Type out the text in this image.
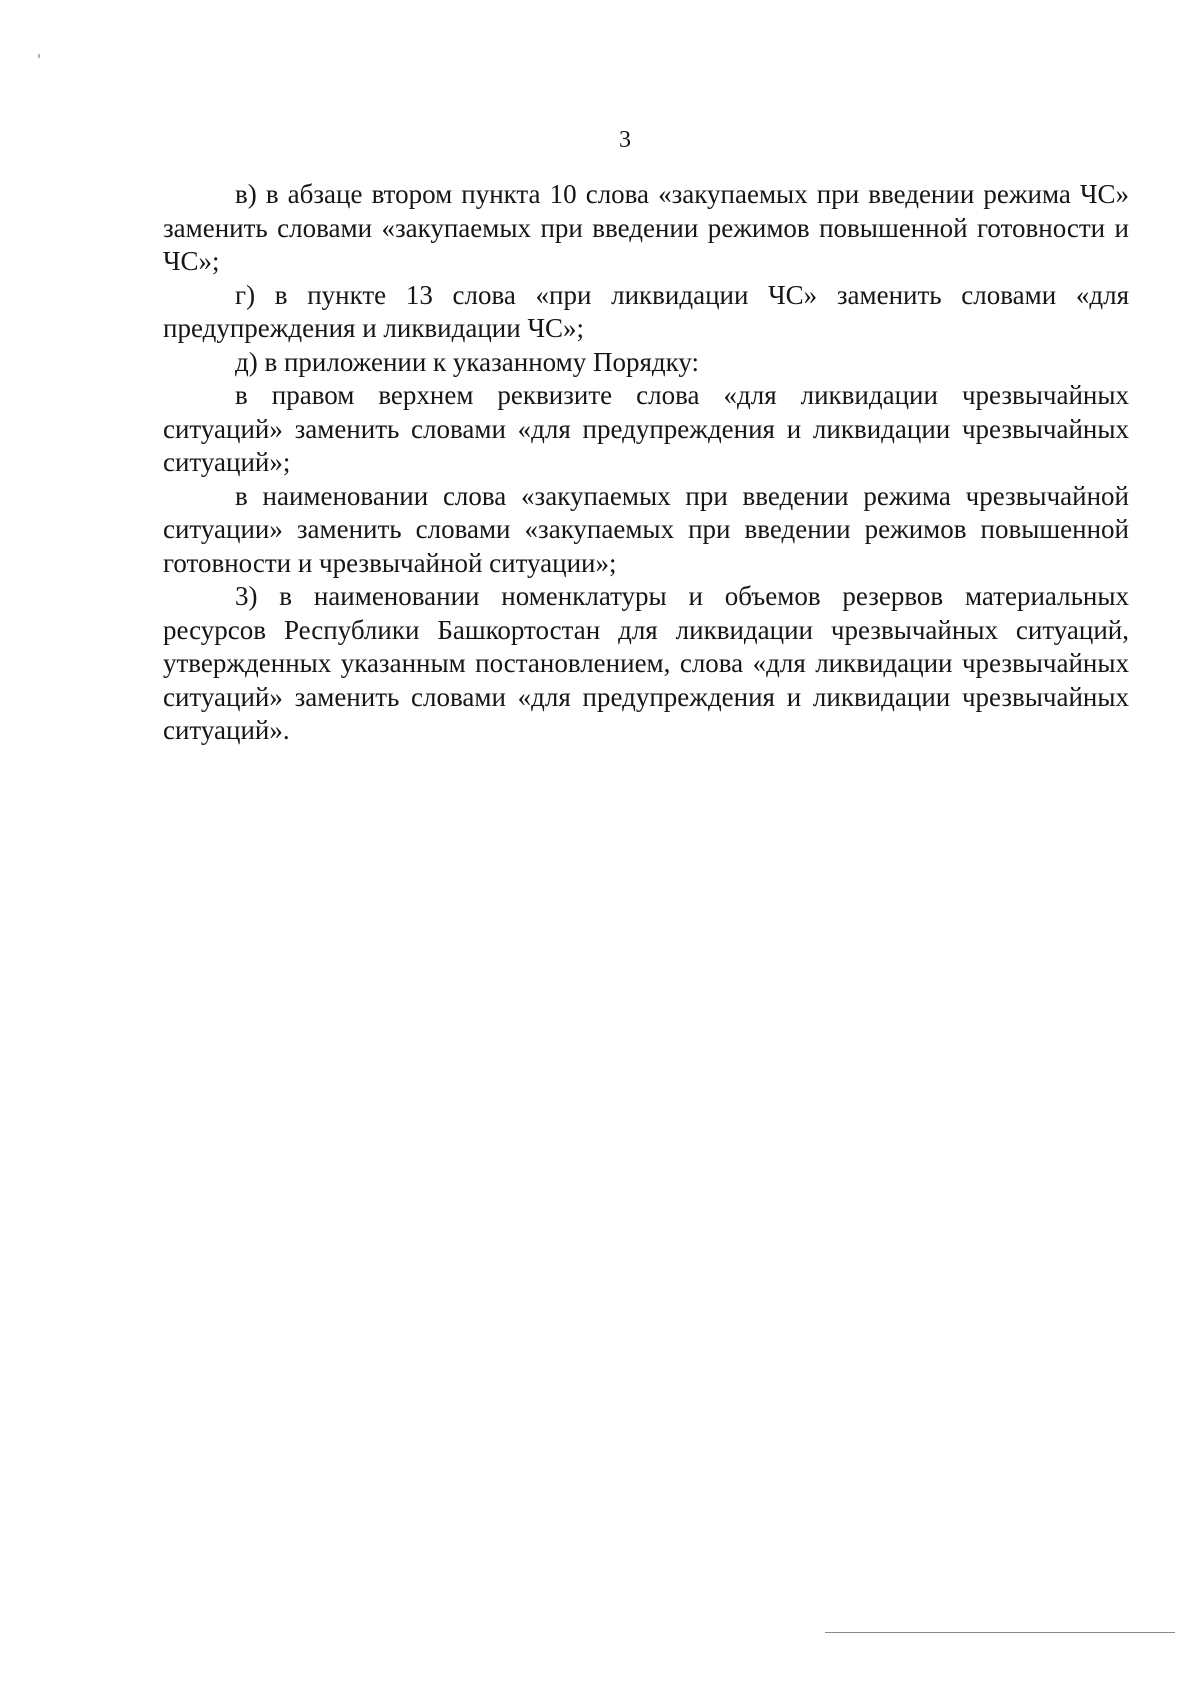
3

в) в абзаце втором пункта 10 слова «закупаемых при введении режима ЧС» заменить словами «закупаемых при введении режимов повышенной готовности и ЧС»;

г) в пункте 13 слова «при ликвидации ЧС» заменить словами «для предупреждения и ликвидации ЧС»;

д) в приложении к указанному Порядку:

в правом верхнем реквизите слова «для ликвидации чрезвычайных ситуаций» заменить словами «для предупреждения и ликвидации чрезвычайных ситуаций»;

в наименовании слова «закупаемых при введении режима чрезвычайной ситуации» заменить словами «закупаемых при введении режимов повышенной готовности и чрезвычайной ситуации»;

3) в наименовании номенклатуры и объемов резервов материальных ресурсов Республики Башкортостан для ликвидации чрезвычайных ситуаций, утвержденных указанным постановлением, слова «для ликвидации чрезвычайных ситуаций» заменить словами «для предупреждения и ликвидации чрезвычайных ситуаций».
